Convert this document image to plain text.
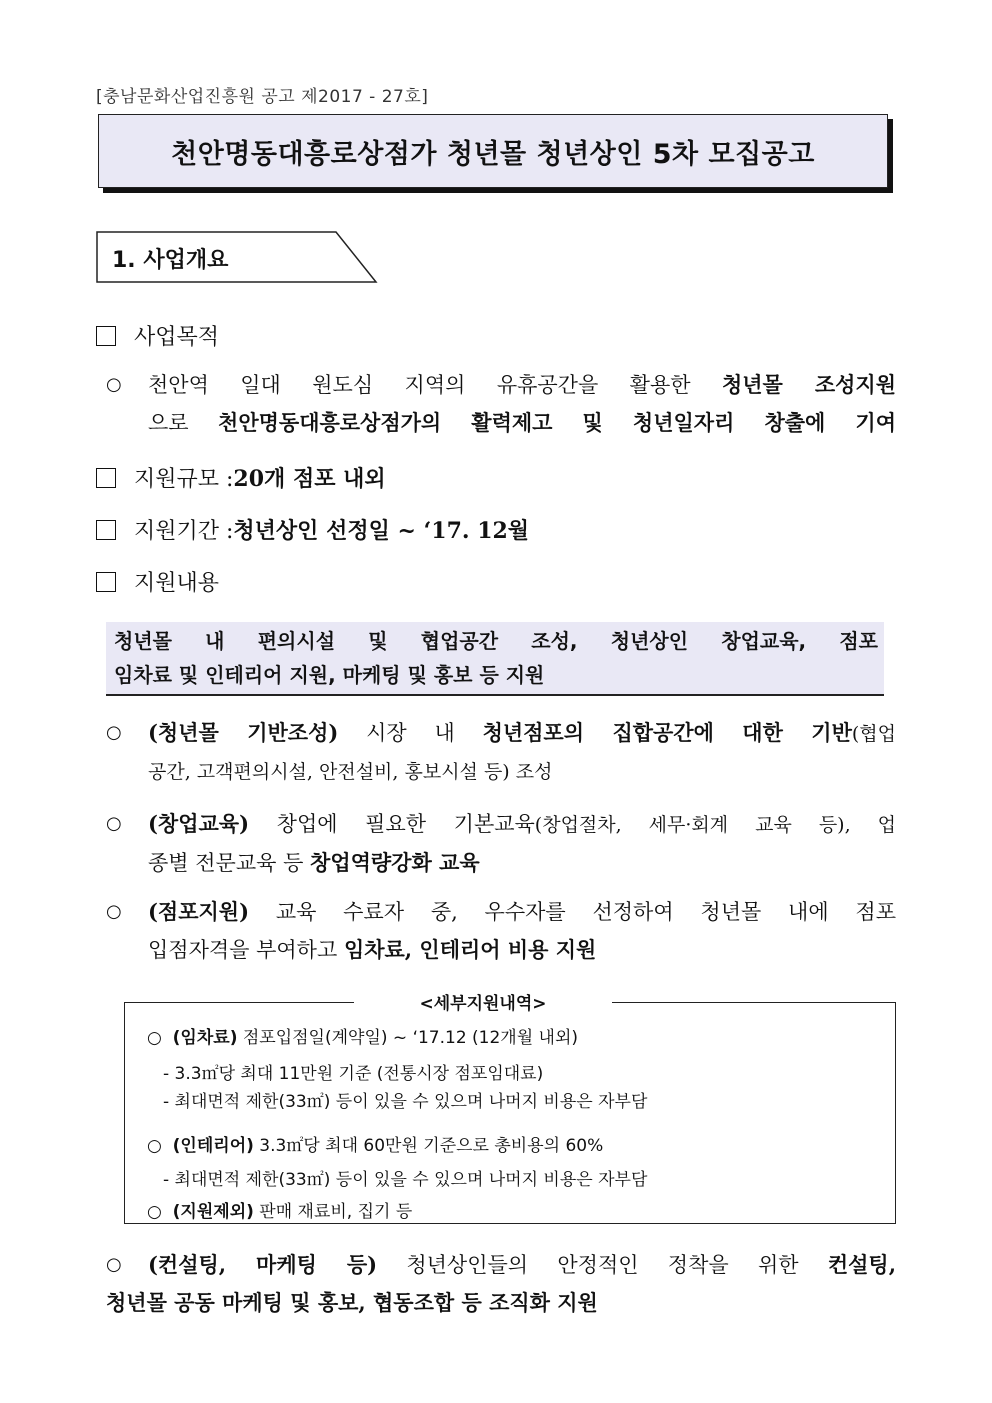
[충남문화산업진흥원 공고 제2017 - 27호]
천안명동대흥로상점가 청년몰 청년상인 5차 모집공고
1. 사업개요
사업목적
○	천안역 일대 원도심 지역의 유휴공간을 활용한 청년몰 조성지원
으로 천안명동대흥로상점가의 활력제고 및 청년일자리 창출에 기여
지원규모 : 20개 점포 내외
지원기간 : 청년상인 선정일 ~ ‘17. 12월
지원내용
청년몰 내 편의시설 및 협업공간 조성, 청년상인 창업교육, 점포
임차료 및 인테리어 지원, 마케팅 및 홍보 등 지원
○	(청년몰 기반조성) 시장 내 청년점포의 집합공간에 대한 기반(협업
공간, 고객편의시설, 안전설비, 홍보시설 등) 조성
○	(창업교육) 창업에 필요한 기본교육(창업절차, 세무·회계 교육 등), 업
종별 전문교육 등 창업역량강화 교육
○	(점포지원) 교육 수료자 중, 우수자를 선정하여 청년몰 내에 점포
입점자격을 부여하고 임차료, 인테리어 비용 지원
<세부지원내역>
○ (임차료) 점포입점일(계약일) ~ ‘17.12 (12개월 내외)
- 3.3㎡당 최대 11만원 기준 (전통시장 점포임대료)
- 최대면적 제한(33㎡) 등이 있을 수 있으며 나머지 비용은 자부담
○ (인테리어) 3.3㎡당 최대 60만원 기준으로 총비용의 60%
- 최대면적 제한(33㎡) 등이 있을 수 있으며 나머지 비용은 자부담
○ (지원제외) 판매 재료비, 집기 등
○	(컨설팅, 마케팅 등) 청년상인들의 안정적인 정착을 위한 컨설팅,
청년몰 공동 마케팅 및 홍보, 협동조합 등 조직화 지원
